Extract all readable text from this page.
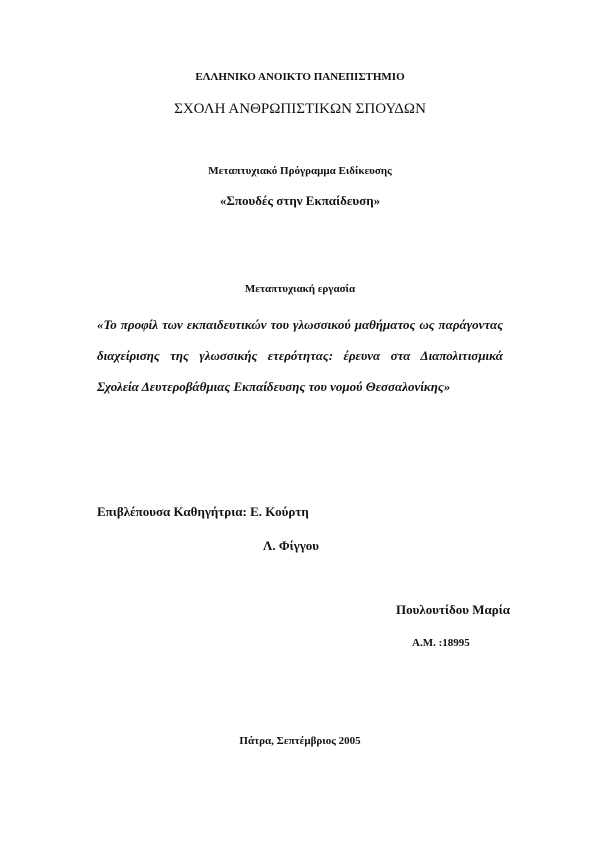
ΕΛΛΗΝΙΚΟ ΑΝΟΙΚΤΟ ΠΑΝΕΠΙΣΤΗΜΙΟ
ΣΧΟΛΗ ΑΝΘΡΩΠΙΣΤΙΚΩΝ ΣΠΟΥΔΩΝ
Μεταπτυχιακό Πρόγραμμα Ειδίκευσης
«Σπουδές στην Εκπαίδευση»
Μεταπτυχιακή εργασία
«Το προφίλ των εκπαιδευτικών του γλωσσικού μαθήματος ως παράγοντας διαχείρισης της γλωσσικής ετερότητας: έρευνα στα Διαπολιτισμικά Σχολεία Δευτεροβάθμιας Εκπαίδευσης του νομού Θεσσαλονίκης»
Επιβλέπουσα Καθηγήτρια: Ε. Κούρτη
Λ. Φίγγου
Πουλουτίδου Μαρία
Α.Μ. :18995
Πάτρα, Σεπτέμβριος 2005
